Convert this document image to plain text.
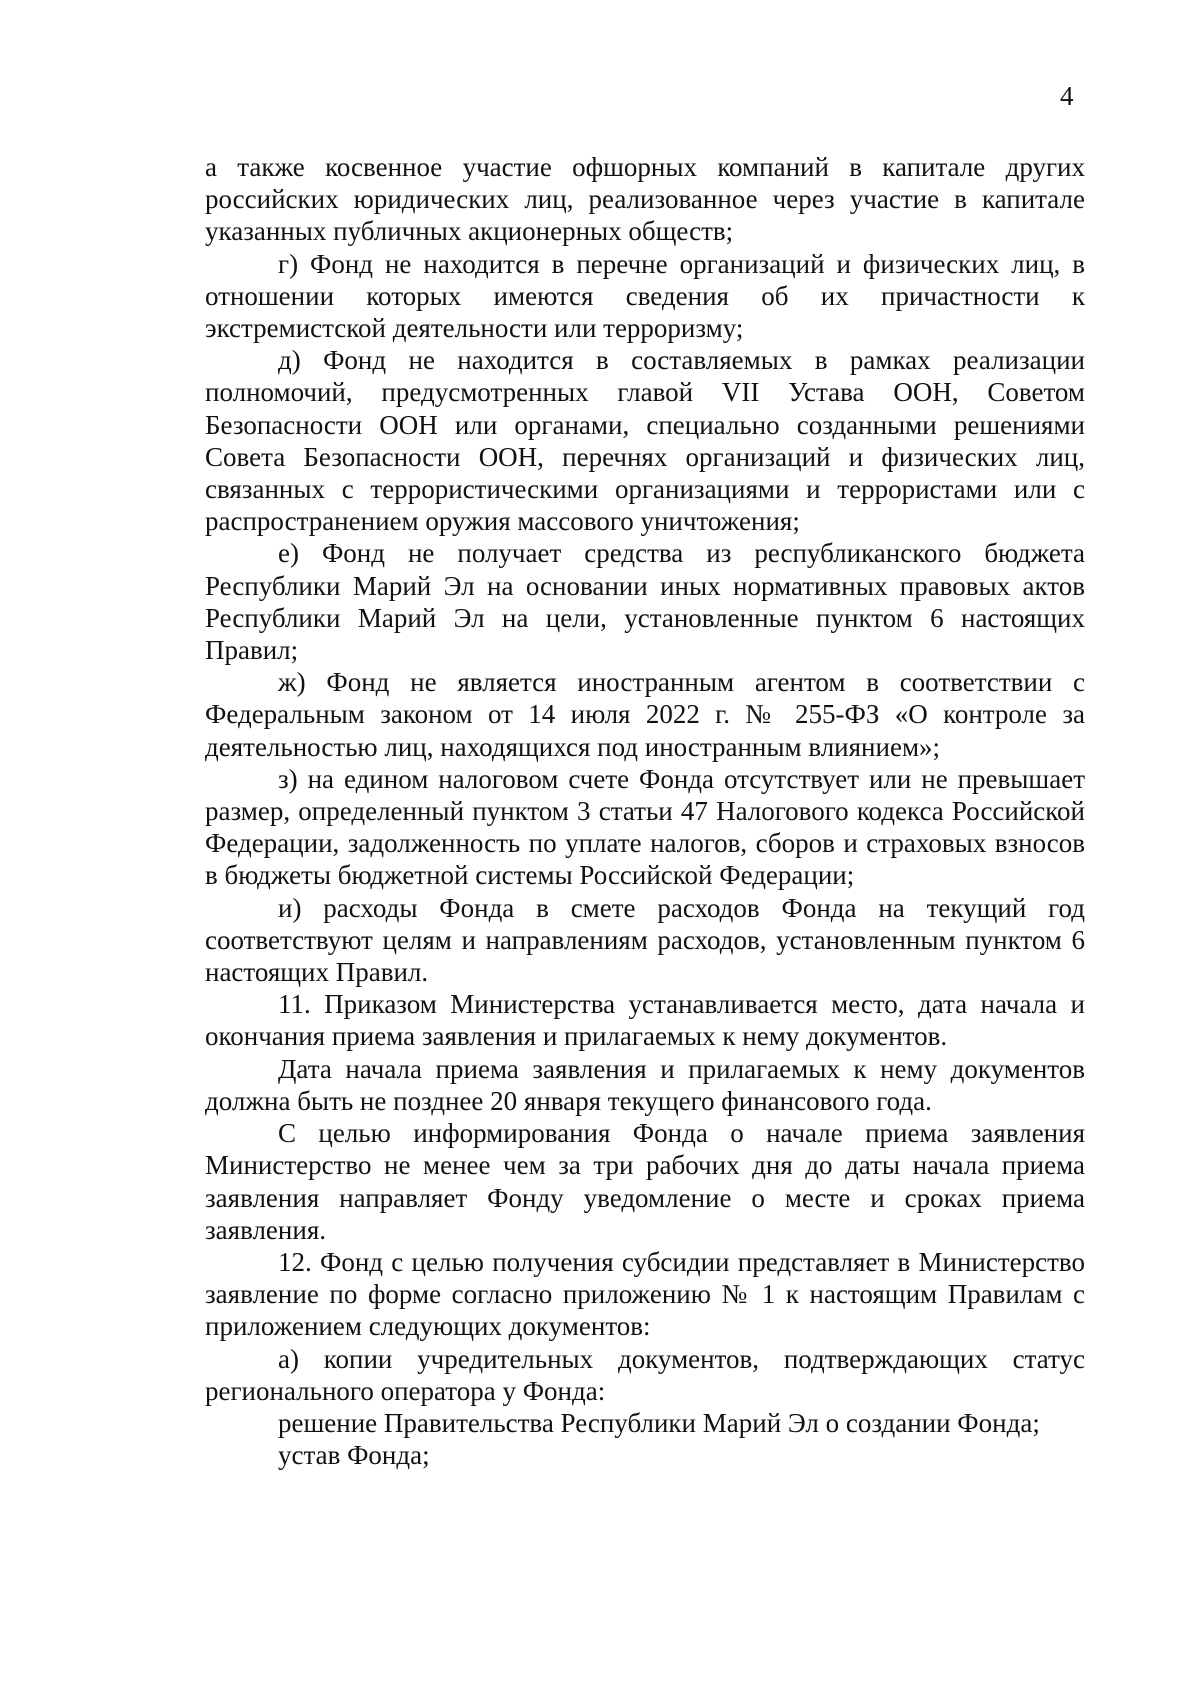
4

а также косвенное участие офшорных компаний в капитале других российских юридических лиц, реализованное через участие в капитале указанных публичных акционерных обществ;

г) Фонд не находится в перечне организаций и физических лиц, в отношении которых имеются сведения об их причастности к экстремистской деятельности или терроризму;

д) Фонд не находится в составляемых в рамках реализации полномочий, предусмотренных главой VII Устава ООН, Советом Безопасности ООН или органами, специально созданными решениями Совета Безопасности ООН, перечнях организаций и физических лиц, связанных с террористическими организациями и террористами или с распространением оружия массового уничтожения;

е) Фонд не получает средства из республиканского бюджета Республики Марий Эл на основании иных нормативных правовых актов Республики Марий Эл на цели, установленные пунктом 6 настоящих Правил;

ж) Фонд не является иностранным агентом в соответствии с Федеральным законом от 14 июля 2022 г. № 255-ФЗ «О контроле за деятельностью лиц, находящихся под иностранным влиянием»;

з) на едином налоговом счете Фонда отсутствует или не превышает размер, определенный пунктом 3 статьи 47 Налогового кодекса Российской Федерации, задолженность по уплате налогов, сборов и страховых взносов в бюджеты бюджетной системы Российской Федерации;

и) расходы Фонда в смете расходов Фонда на текущий год соответствуют целям и направлениям расходов, установленным пунктом 6 настоящих Правил.

11. Приказом Министерства устанавливается место, дата начала и окончания приема заявления и прилагаемых к нему документов.

Дата начала приема заявления и прилагаемых к нему документов должна быть не позднее 20 января текущего финансового года.

С целью информирования Фонда о начале приема заявления Министерство не менее чем за три рабочих дня до даты начала приема заявления направляет Фонду уведомление о месте и сроках приема заявления.

12. Фонд с целью получения субсидии представляет в Министерство заявление по форме согласно приложению № 1 к настоящим Правилам с приложением следующих документов:

а) копии учредительных документов, подтверждающих статус регионального оператора у Фонда:

решение Правительства Республики Марий Эл о создании Фонда;

устав Фонда;
